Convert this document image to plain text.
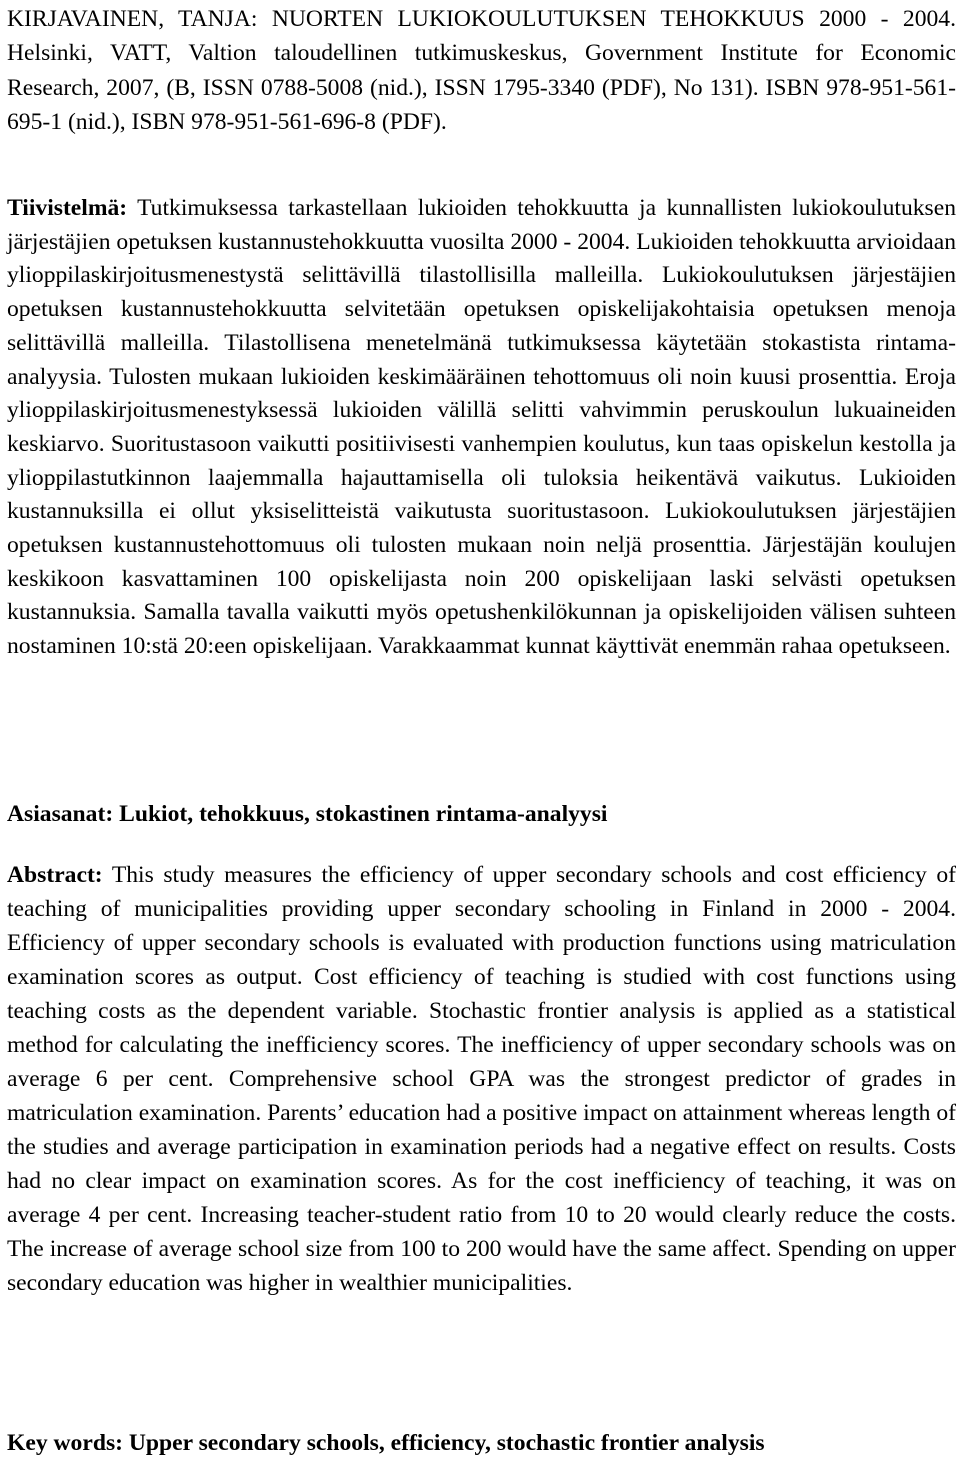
KIRJAVAINEN, TANJA: NUORTEN LUKIOKOULUTUKSEN TEHOKKUUS 2000 - 2004. Helsinki, VATT, Valtion taloudellinen tutkimuskeskus, Government Institute for Economic Research, 2007, (B, ISSN 0788-5008 (nid.), ISSN 1795-3340 (PDF), No 131). ISBN 978-951-561-695-1 (nid.), ISBN 978-951-561-696-8 (PDF).

Tiivistelmä: Tutkimuksessa tarkastellaan lukioiden tehokkuutta ja kunnallisten lukiokoulutuksen järjestäjien opetuksen kustannustehokkuutta vuosilta 2000 - 2004. Lukioiden tehokkuutta arvioidaan ylioppilaskirjoitusmenestystä selittävillä tilastollisilla malleilla. Lukiokoulutuksen järjestäjien opetuksen kustannustehokkuutta selvitetään opetuksen opiskelijakohtaisia opetuksen menoja selittävillä malleilla. Tilastollisena menetelmänä tutkimuksessa käytetään stokastista rintama-analyysia. Tulosten mukaan lukioiden keskimääräinen tehottomuus oli noin kuusi prosenttia. Eroja ylioppilaskirjoitusmenestyksessä lukioiden välillä selitti vahvimmin peruskoulun lukuaineiden keskiarvo. Suoritustasoon vaikutti positiivisesti vanhempien koulutus, kun taas opiskelun kestolla ja ylioppilastutkinnon laajemmalla hajauttamisella oli tuloksia heikentävä vaikutus. Lukioiden kustannuksilla ei ollut yksiselitteistä vaikutusta suoritustasoon. Lukiokoulutuksen järjestäjien opetuksen kustannustehottomuus oli tulosten mukaan noin neljä prosenttia. Järjestäjän koulujen keskikoon kasvattaminen 100 opiskelijasta noin 200 opiskelijaan laski selvästi opetuksen kustannuksia. Samalla tavalla vaikutti myös opetushenkilökunnan ja opiskelijoiden välisen suhteen nostaminen 10:stä 20:een opiskelijaan. Varakkaammat kunnat käyttivät enemmän rahaa opetukseen.

Asiasanat: Lukiot, tehokkuus, stokastinen rintama-analyysi

Abstract: This study measures the efficiency of upper secondary schools and cost efficiency of teaching of municipalities providing upper secondary schooling in Finland in 2000 - 2004. Efficiency of upper secondary schools is evaluated with production functions using matriculation examination scores as output. Cost efficiency of teaching is studied with cost functions using teaching costs as the dependent variable. Stochastic frontier analysis is applied as a statistical method for calculating the inefficiency scores. The inefficiency of upper secondary schools was on average 6 per cent. Comprehensive school GPA was the strongest predictor of grades in matriculation examination. Parents’ education had a positive impact on attainment whereas length of the studies and average participation in examination periods had a negative effect on results. Costs had no clear impact on examination scores. As for the cost inefficiency of teaching, it was on average 4 per cent. Increasing teacher-student ratio from 10 to 20 would clearly reduce the costs. The increase of average school size from 100 to 200 would have the same affect. Spending on upper secondary education was higher in wealthier municipalities.

Key words: Upper secondary schools, efficiency, stochastic frontier analysis
